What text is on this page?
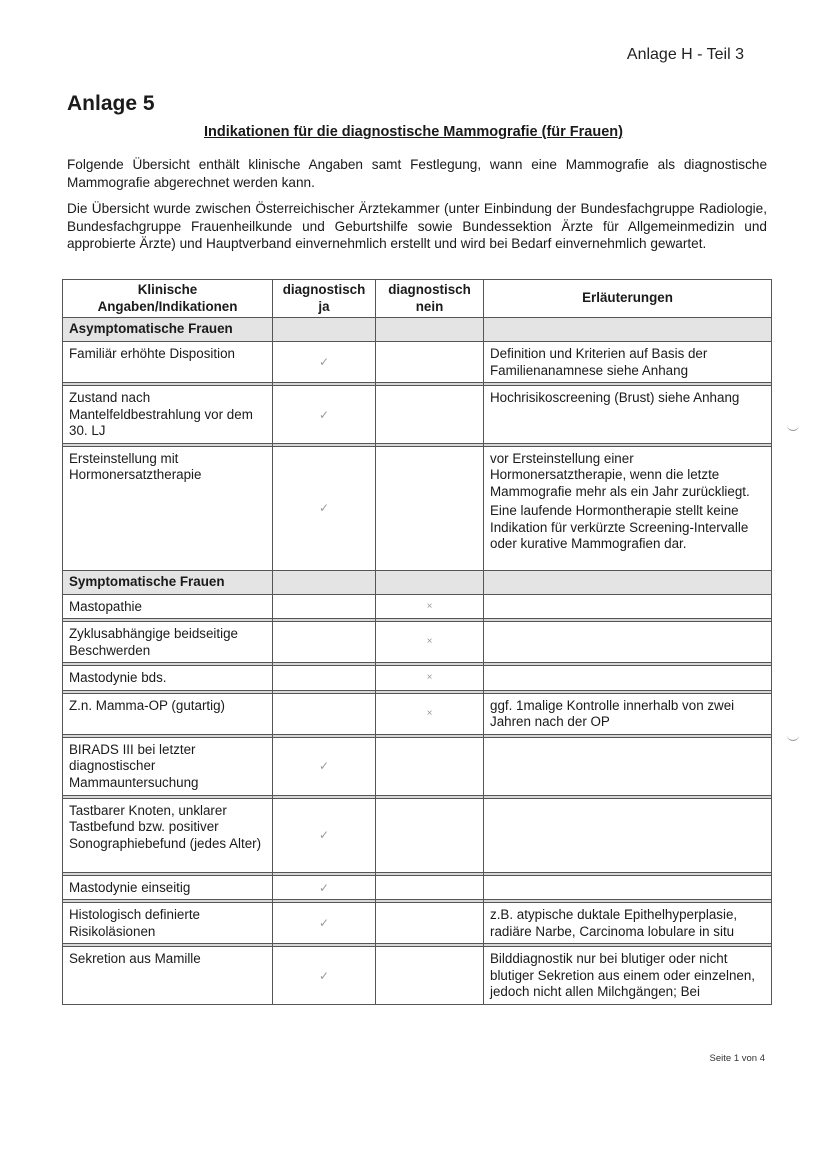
Anlage H - Teil 3
Anlage 5
Indikationen für die diagnostische Mammografie (für Frauen)

Folgende Übersicht enthält klinische Angaben samt Festlegung, wann eine Mammografie als diagnostische Mammografie abgerechnet werden kann.

Die Übersicht wurde zwischen Österreichischer Ärztekammer (unter Einbindung der Bundesfachgruppe Radiologie, Bundesfachgruppe Frauenheilkunde und Geburtshilfe sowie Bundessektion Ärzte für Allgemeinmedizin und approbierte Ärzte) und Hauptverband einvernehmlich erstellt und wird bei Bedarf einvernehmlich gewartet.

Klinische Angaben/Indikationen	diagnostisch ja	diagnostisch nein	Erläuterungen
Asymptomatische Frauen			
Familiär erhöhte Disposition	✓		Definition und Kriterien auf Basis der Familienanamnese siehe Anhang

Zustand nach Mantelfeldbestrahlung vor dem 30. LJ	✓		Hochrisikoscreening (Brust) siehe Anhang

Ersteinstellung mit Hormonersatztherapie	✓		vor Ersteinstellung einer Hormonersatztherapie, wenn die letzte Mammografie mehr als ein Jahr zurückliegt.
Eine laufende Hormontherapie stellt keine Indikation für verkürzte Screening-Intervalle oder kurative Mammografien dar.

Symptomatische Frauen			
Mastopathie		×	

Zyklusabhängige beidseitige Beschwerden		×	

Mastodynie bds.		×	

Z.n. Mamma-OP (gutartig)		×	ggf. 1malige Kontrolle innerhalb von zwei Jahren nach der OP

BIRADS III bei letzter diagnostischer Mammauntersuchung	✓		

Tastbarer Knoten, unklarer Tastbefund bzw. positiver Sonographiebefund (jedes Alter)	✓		

Mastodynie einseitig	✓		

Histologisch definierte Risikoläsionen	✓		z.B. atypische duktale Epithelhyperplasie, radiäre Narbe, Carcinoma lobulare in situ

Sekretion aus Mamille	✓		Bilddiagnostik nur bei blutiger oder nicht blutiger Sekretion aus einem oder einzelnen, jedoch nicht allen Milchgängen; Bei
Seite 1 von 4
